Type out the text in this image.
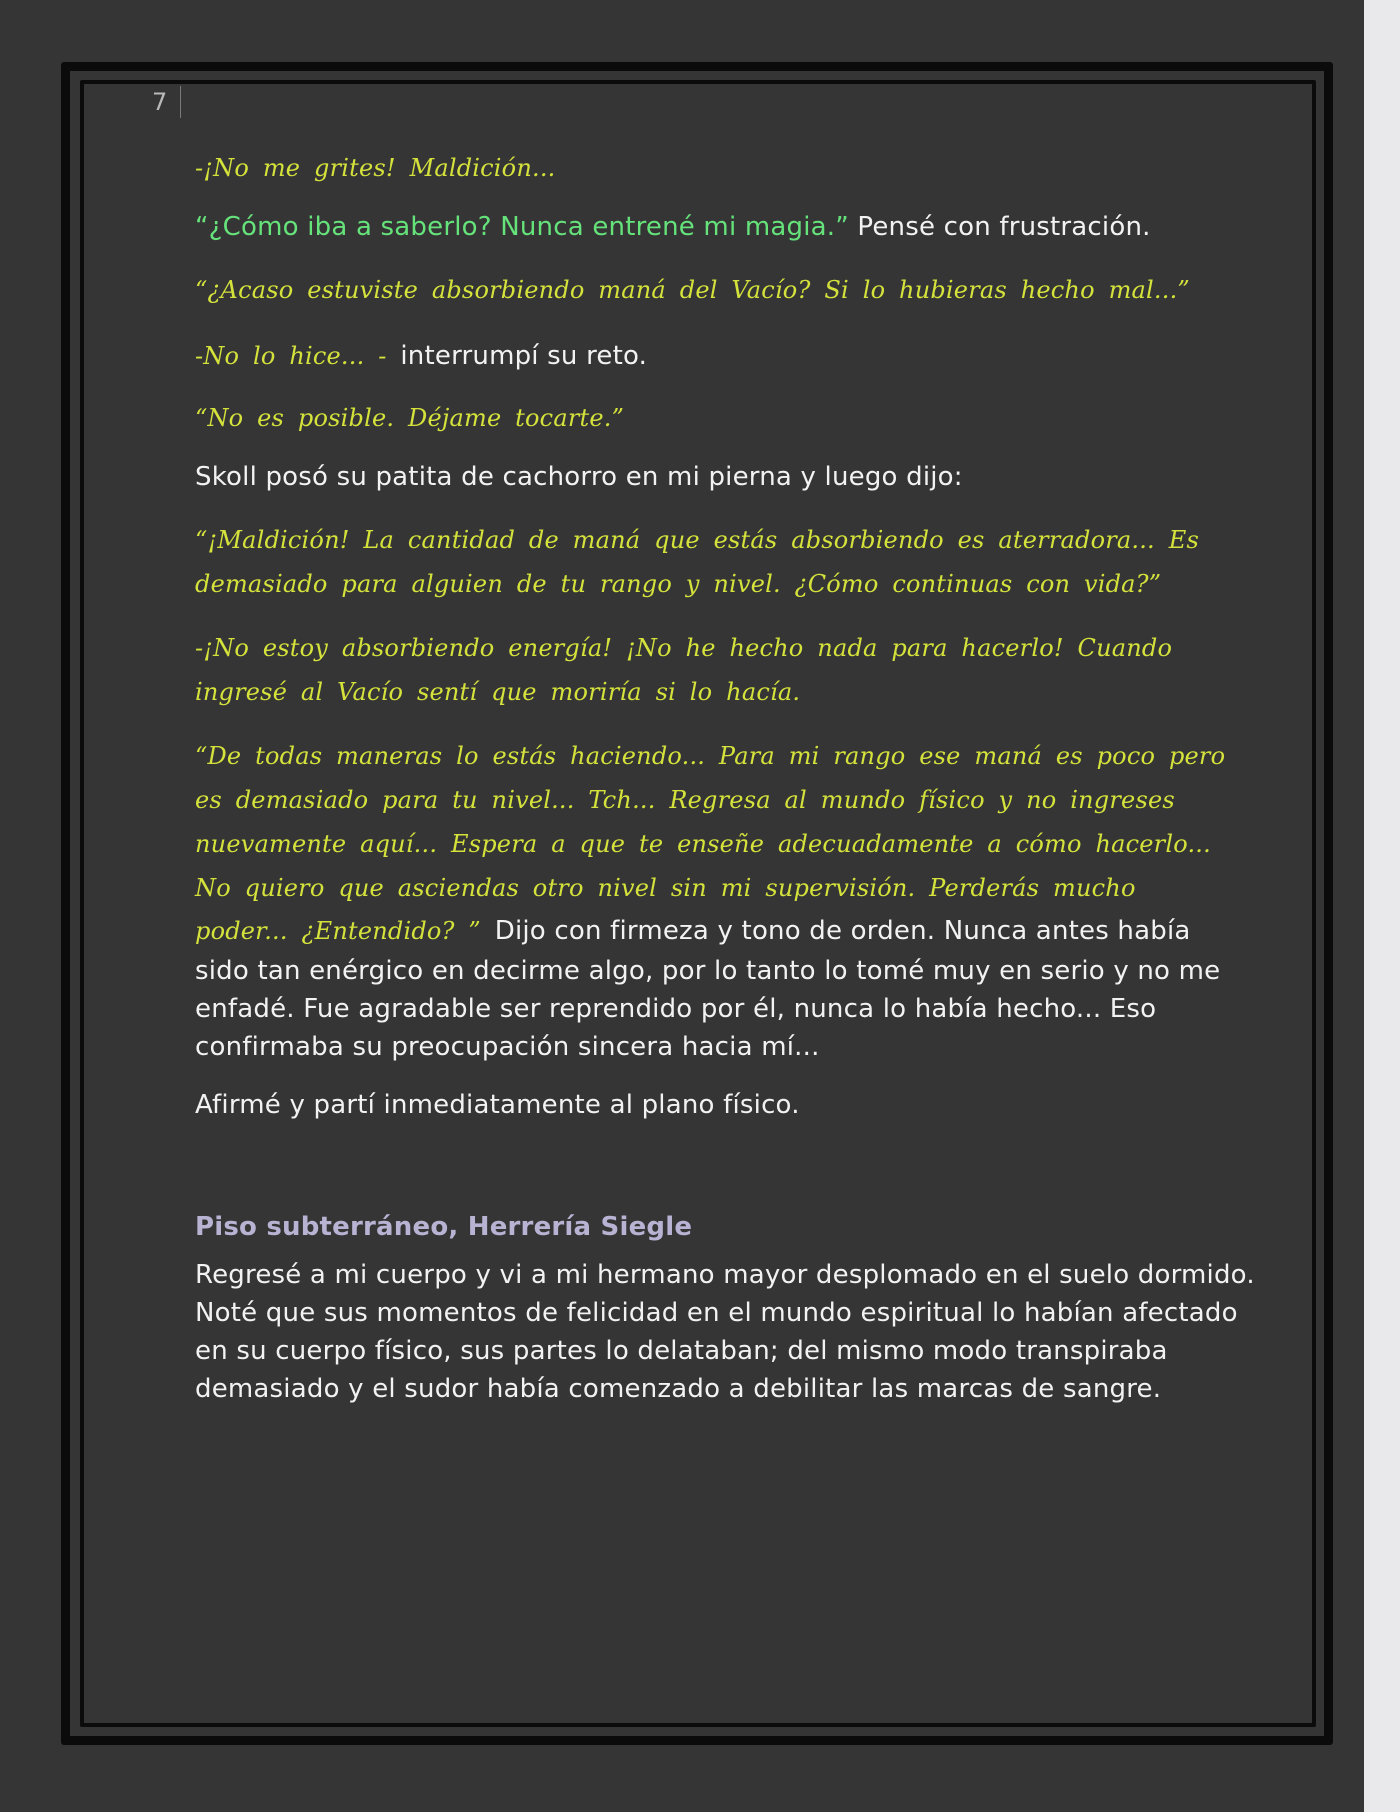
7
-¡No me grites! Maldición...
“¿Cómo iba a saberlo? Nunca entrené mi magia.” Pensé con frustración.
“¿Acaso estuviste absorbiendo maná del Vacío? Si lo hubieras hecho mal...”
-No lo hice... - interrumpí su reto.
“No es posible. Déjame tocarte.”
Skoll posó su patita de cachorro en mi pierna y luego dijo:
“¡Maldición! La cantidad de maná que estás absorbiendo es aterradora... Es
demasiado para alguien de tu rango y nivel. ¿Cómo continuas con vida?”
-¡No estoy absorbiendo energía! ¡No he hecho nada para hacerlo! Cuando
ingresé al Vacío sentí que moriría si lo hacía.
“De todas maneras lo estás haciendo... Para mi rango ese maná es poco pero
es demasiado para tu nivel... Tch... Regresa al mundo físico y no ingreses
nuevamente aquí... Espera a que te enseñe adecuadamente a cómo hacerlo...
No quiero que asciendas otro nivel sin mi supervisión. Perderás mucho
poder... ¿Entendido? ” Dijo con firmeza y tono de orden. Nunca antes había
sido tan enérgico en decirme algo, por lo tanto lo tomé muy en serio y no me
enfadé. Fue agradable ser reprendido por él, nunca lo había hecho... Eso
confirmaba su preocupación sincera hacia mí...
Afirmé y partí inmediatamente al plano físico.
Piso subterráneo, Herrería Siegle
Regresé a mi cuerpo y vi a mi hermano mayor desplomado en el suelo dormido.
Noté que sus momentos de felicidad en el mundo espiritual lo habían afectado
en su cuerpo físico, sus partes lo delataban; del mismo modo transpiraba
demasiado y el sudor había comenzado a debilitar las marcas de sangre.
